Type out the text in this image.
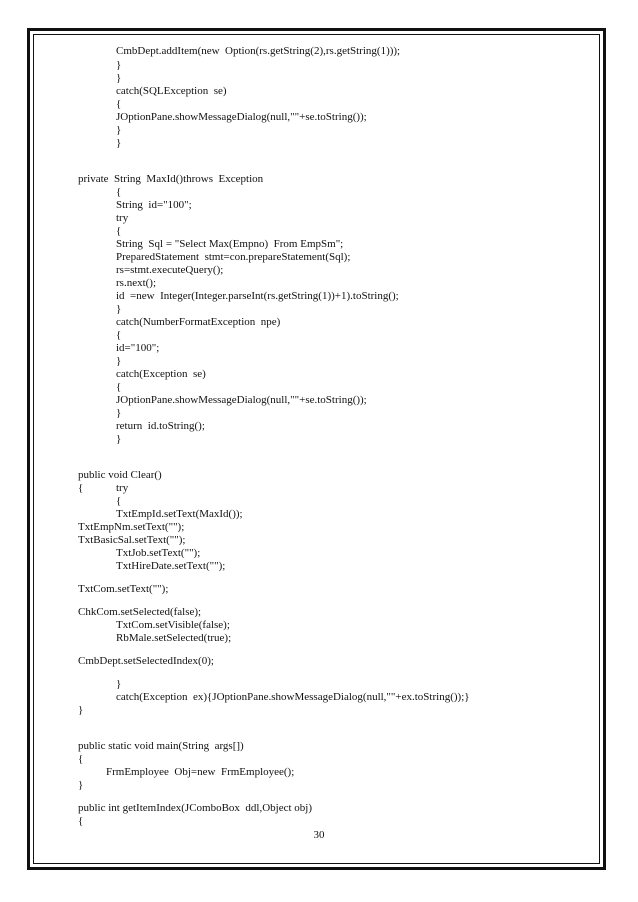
CmbDept.addItem(new  Option(rs.getString(2),rs.getString(1)));
}
}
catch(SQLException  se)
{
JOptionPane.showMessageDialog(null,""+se.toString());
}
}
private  String  MaxId()throws  Exception
{
String  id="100";
try
{
String  Sql = "Select Max(Empno)  From EmpSm";
PreparedStatement  stmt=con.prepareStatement(Sql);
rs=stmt.executeQuery();
rs.next();
id  =new  Integer(Integer.parseInt(rs.getString(1))+1).toString();
}
catch(NumberFormatException  npe)
{
id="100";
}
catch(Exception  se)
{
JOptionPane.showMessageDialog(null,""+se.toString());
}
return  id.toString();
}
public void Clear()
{	try
{
TxtEmpId.setText(MaxId());
TxtEmpNm.setText("");
TxtBasicSal.setText("");
TxtJob.setText("");
TxtHireDate.setText("");
TxtCom.setText("");
ChkCom.setSelected(false);
TxtCom.setVisible(false);
RbMale.setSelected(true);
CmbDept.setSelectedIndex(0);
}
catch(Exception  ex){JOptionPane.showMessageDialog(null,""+ex.toString());}
}
public static void main(String  args[])
{
FrmEmployee  Obj=new  FrmEmployee();
}
public int getItemIndex(JComboBox  ddl,Object obj)
{
30
